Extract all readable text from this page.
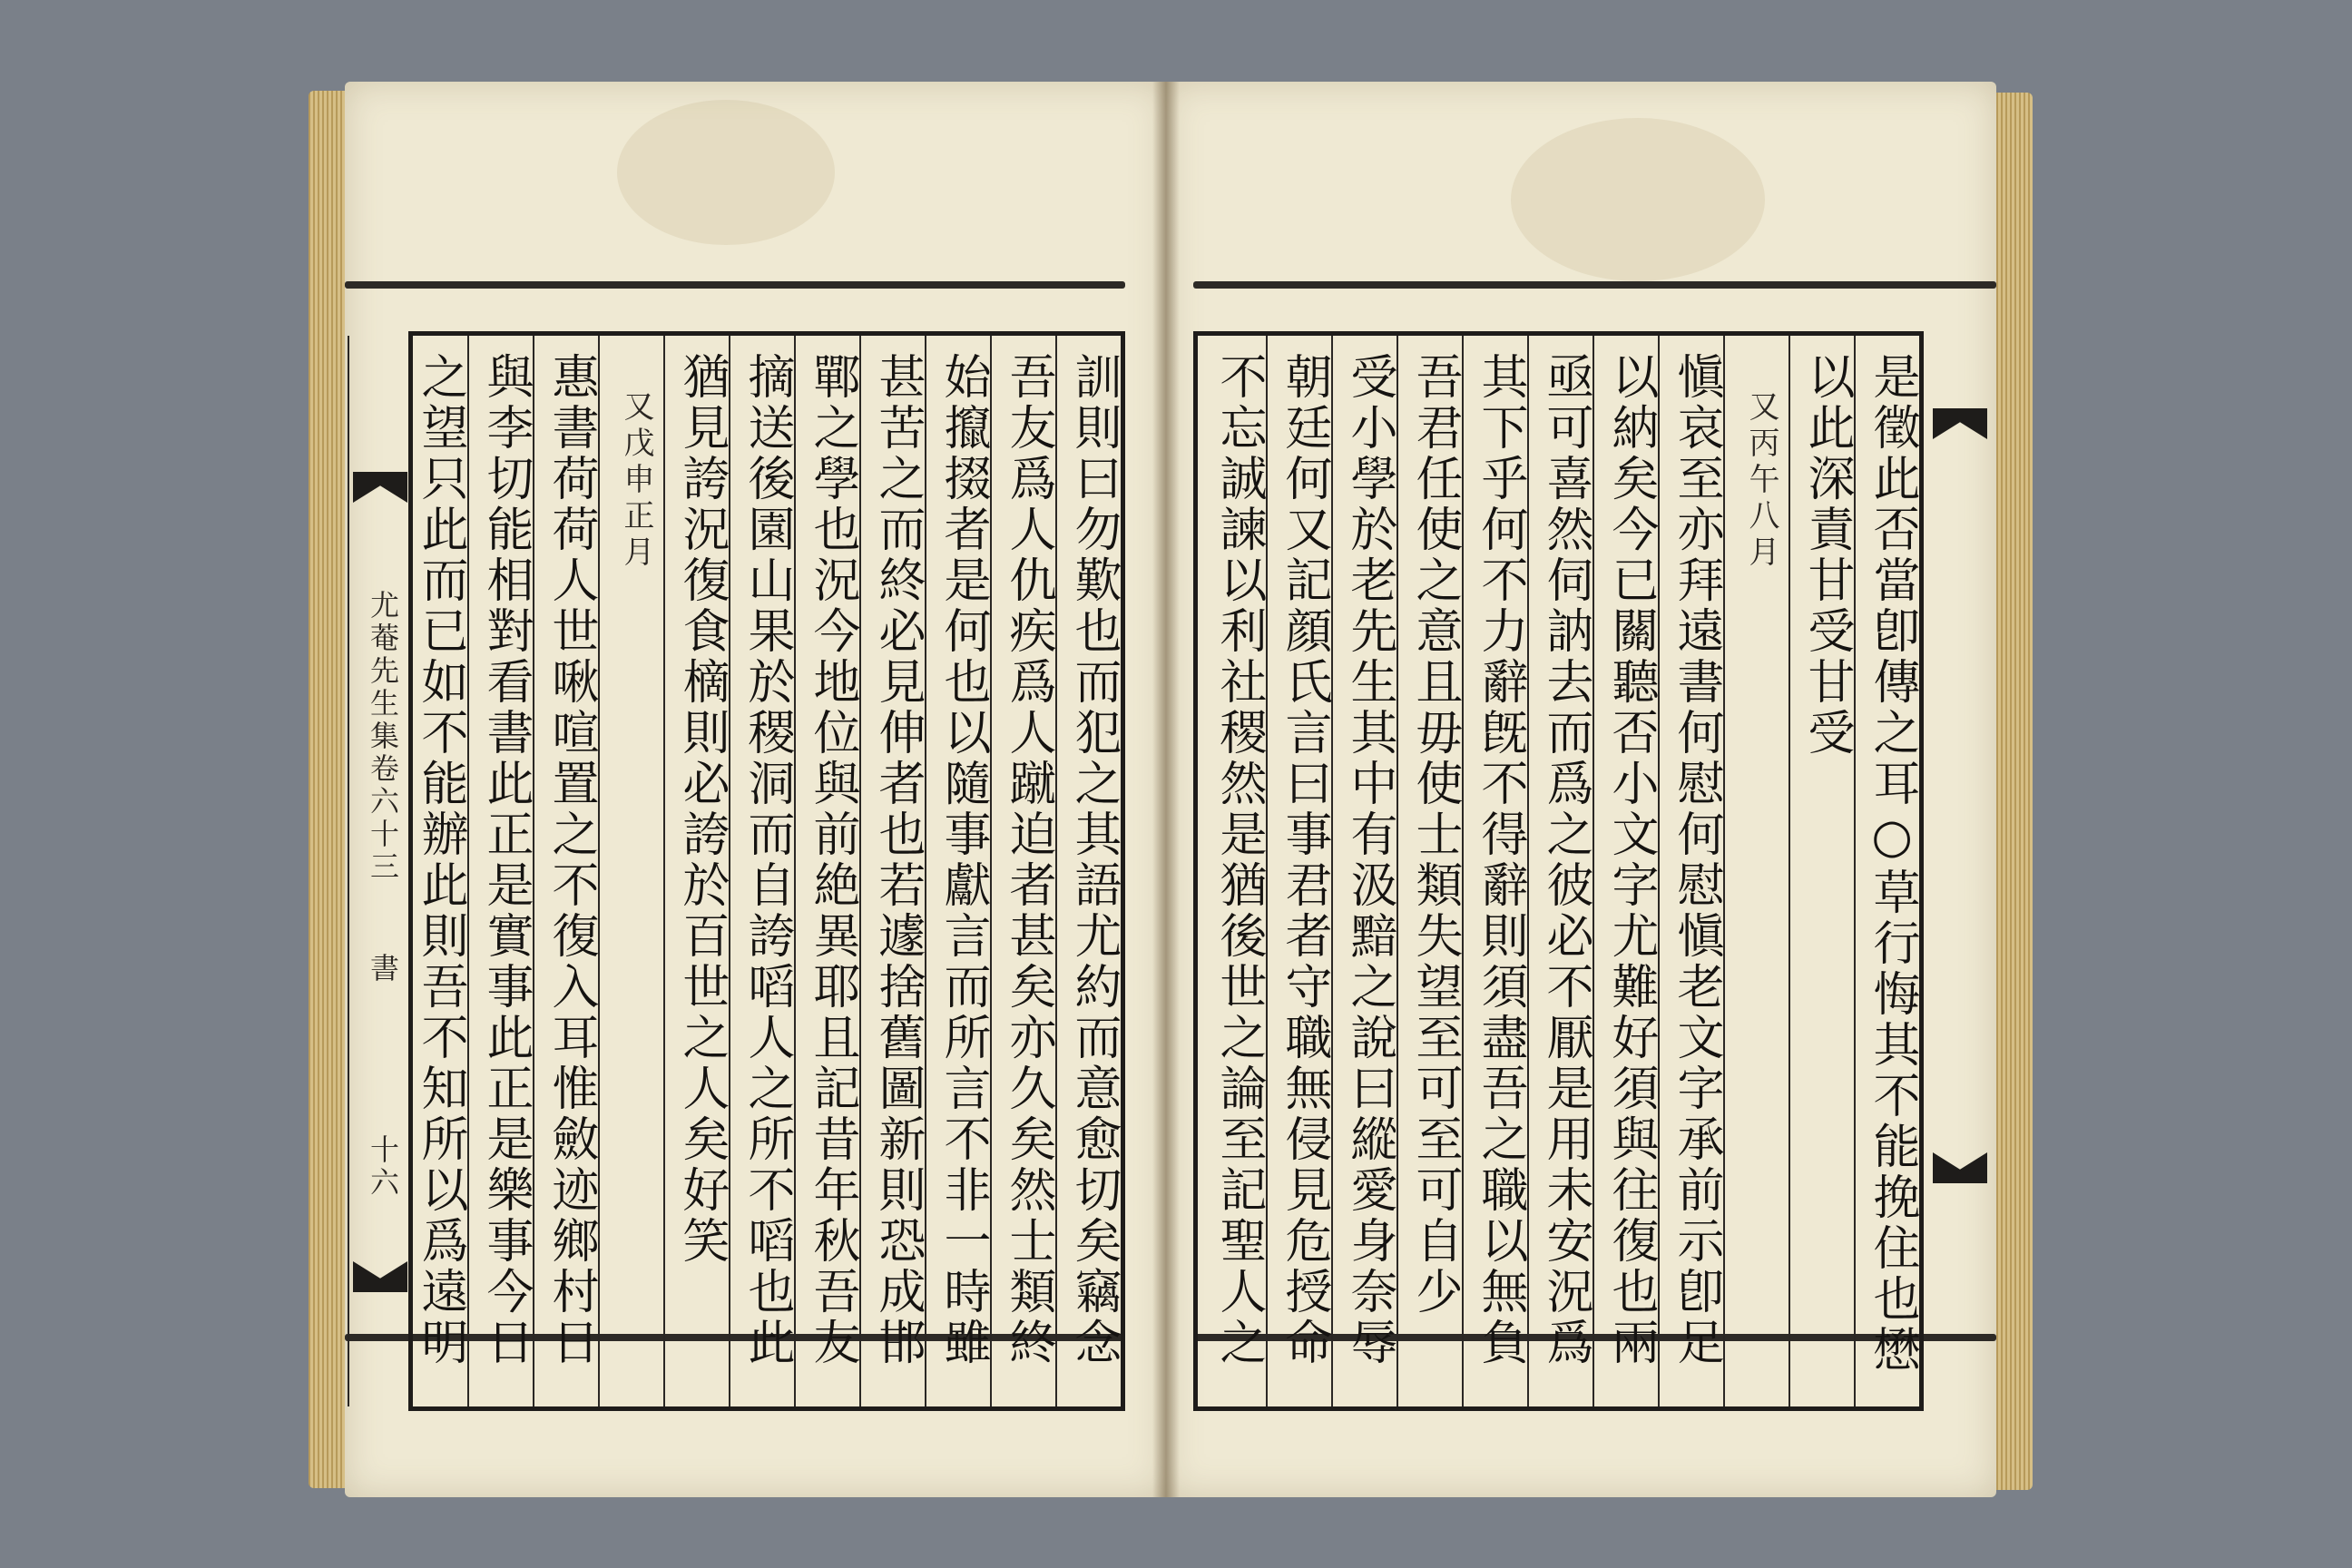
訓則曰勿歎也而犯之其語尤約而意愈切矣竊念
吾友爲人仇疾爲人蹴迫者甚矣亦久矣然士類終
始攛掇者是何也以隨事獻言而所言不非一時雖
甚苦之而終必見伸者也若遽捨舊圖新則恐成邯
鄲之學也況今地位與前絶異耶且記昔年秋吾友
摘送後園山果於稷洞而自誇㗖人之所不㗖也此
猶見誇況復食樀則必誇於百世之人矣好笑
又戊申正月
惠書荷荷人世啾喧置之不復入耳惟斂迹鄉村日
與李切能相對看書此正是實事此正是樂事今日
之望只此而已如不能辦此則吾不知所以爲遠明
尤菴先生集卷六十三
書
十六	是徵此否當卽傳之耳○草行悔其不能挽住也懋
以此深責甘受甘受
又丙午八月
愼哀至亦拜遠書何慰何慰愼老文字承前示卽足
以納矣今已關聽否小文字尤難好須與往復也兩
亟可喜然伺訥去而爲之彼必不厭是用未安況爲
其下乎何不力辭旣不得辭則須盡吾之職以無負
吾君任使之意且毋使士類失望至可至可自少
受小學於老先生其中有汲黯之說曰縱愛身奈辱
朝廷何又記顔氏言曰事君者守職無侵見危授命
不忘誠諫以利社稷然是猶後世之論至記聖人之
